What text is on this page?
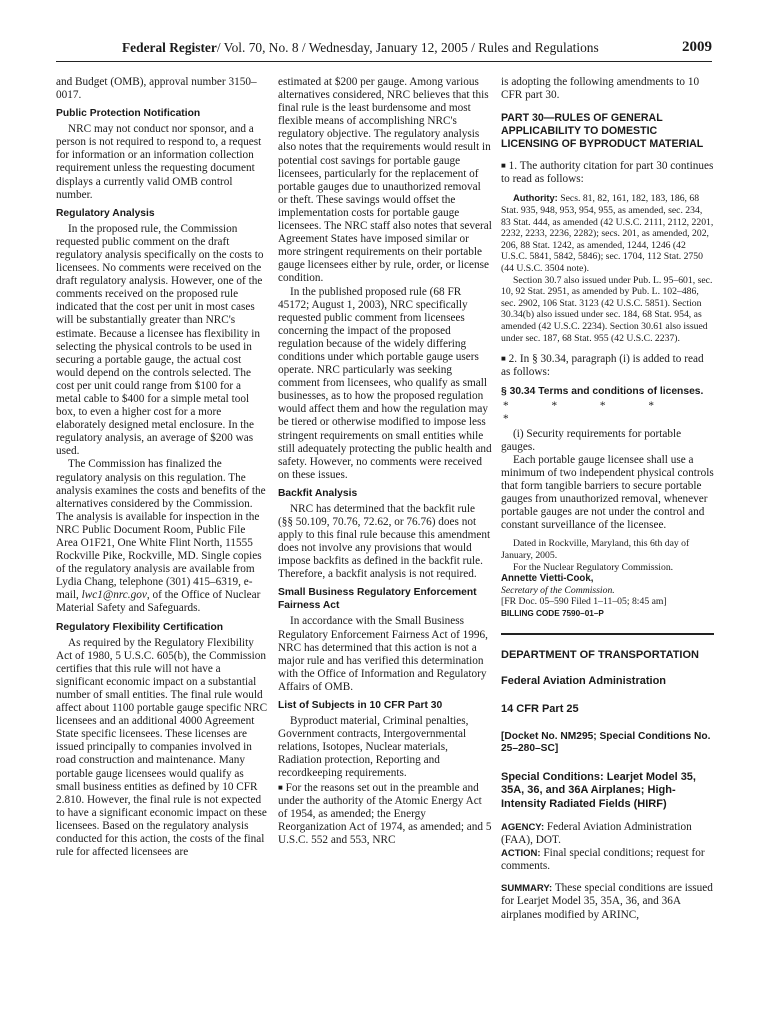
Federal Register/ Vol. 70, No. 8 / Wednesday, January 12, 2005 / Rules and Regulations	2009

and Budget (OMB), approval number 3150–0017.

Public Protection Notification

NRC may not conduct nor sponsor, and a person is not required to respond to, a request for information or an information collection requirement unless the requesting document displays a currently valid OMB control number.

Regulatory Analysis

In the proposed rule, the Commission requested public comment on the draft regulatory analysis specifically on the costs to licensees. No comments were received on the draft regulatory analysis. However, one of the comments received on the proposed rule indicated that the cost per unit in most cases will be substantially greater than NRC's estimate. Because a licensee has flexibility in selecting the physical controls to be used in securing a portable gauge, the actual cost would depend on the controls selected. The cost per unit could range from $100 for a metal cable to $400 for a simple metal tool box, to even a higher cost for a more elaborately designed metal enclosure. In the regulatory analysis, an average of $200 was used.

The Commission has finalized the regulatory analysis on this regulation. The analysis examines the costs and benefits of the alternatives considered by the Commission. The analysis is available for inspection in the NRC Public Document Room, Public File Area O1F21, One White Flint North, 11555 Rockville Pike, Rockville, MD. Single copies of the regulatory analysis are available from Lydia Chang, telephone (301) 415–6319, e-mail, lwc1@nrc.gov, of the Office of Nuclear Material Safety and Safeguards.

Regulatory Flexibility Certification

As required by the Regulatory Flexibility Act of 1980, 5 U.S.C. 605(b), the Commission certifies that this rule will not have a significant economic impact on a substantial number of small entities. The final rule would affect about 1100 portable gauge specific NRC licensees and an additional 4000 Agreement State specific licensees. These licenses are issued principally to companies involved in road construction and maintenance. Many portable gauge licensees would qualify as small business entities as defined by 10 CFR 2.810. However, the final rule is not expected to have a significant economic impact on these licensees. Based on the regulatory analysis conducted for this action, the costs of the final rule for affected licensees are

estimated at $200 per gauge. Among various alternatives considered, NRC believes that this final rule is the least burdensome and most flexible means of accomplishing NRC's regulatory objective. The regulatory analysis also notes that the requirements would result in potential cost savings for portable gauge licensees, particularly for the replacement of portable gauges due to unauthorized removal or theft. These savings would offset the implementation costs for portable gauge licensees. The NRC staff also notes that several Agreement States have imposed similar or more stringent requirements on their portable gauge licensees either by rule, order, or license condition.

In the published proposed rule (68 FR 45172; August 1, 2003), NRC specifically requested public comment from licensees concerning the impact of the proposed regulation because of the widely differing conditions under which portable gauge users operate. NRC particularly was seeking comment from licensees, who qualify as small businesses, as to how the proposed regulation would affect them and how the regulation may be tiered or otherwise modified to impose less stringent requirements on small entities while still adequately protecting the public health and safety. However, no comments were received on these issues.

Backfit Analysis

NRC has determined that the backfit rule (§§ 50.109, 70.76, 72.62, or 76.76) does not apply to this final rule because this amendment does not involve any provisions that would impose backfits as defined in the backfit rule. Therefore, a backfit analysis is not required.

Small Business Regulatory Enforcement Fairness Act

In accordance with the Small Business Regulatory Enforcement Fairness Act of 1996, NRC has determined that this action is not a major rule and has verified this determination with the Office of Information and Regulatory Affairs of OMB.

List of Subjects in 10 CFR Part 30

Byproduct material, Criminal penalties, Government contracts, Intergovernmental relations, Isotopes, Nuclear materials, Radiation protection, Reporting and recordkeeping requirements.

■ For the reasons set out in the preamble and under the authority of the Atomic Energy Act of 1954, as amended; the Energy Reorganization Act of 1974, as amended; and 5 U.S.C. 552 and 553, NRC

is adopting the following amendments to 10 CFR part 30.

PART 30—RULES OF GENERAL APPLICABILITY TO DOMESTIC LICENSING OF BYPRODUCT MATERIAL

■ 1. The authority citation for part 30 continues to read as follows:

Authority: Secs. 81, 82, 161, 182, 183, 186, 68 Stat. 935, 948, 953, 954, 955, as amended, sec. 234, 83 Stat. 444, as amended (42 U.S.C. 2111, 2112, 2201, 2232, 2233, 2236, 2282); secs. 201, as amended, 202, 206, 88 Stat. 1242, as amended, 1244, 1246 (42 U.S.C. 5841, 5842, 5846); sec. 1704, 112 Stat. 2750 (44 U.S.C. 3504 note).

Section 30.7 also issued under Pub. L. 95–601, sec. 10, 92 Stat. 2951, as amended by Pub. L. 102–486, sec. 2902, 106 Stat. 3123 (42 U.S.C. 5851). Section 30.34(b) also issued under sec. 184, 68 Stat. 954, as amended (42 U.S.C. 2234). Section 30.61 also issued under sec. 187, 68 Stat. 955 (42 U.S.C. 2237).

■ 2. In § 30.34, paragraph (i) is added to read as follows:

§ 30.34 Terms and conditions of licenses.
* * * * *

(i) Security requirements for portable gauges.

Each portable gauge licensee shall use a minimum of two independent physical controls that form tangible barriers to secure portable gauges from unauthorized removal, whenever portable gauges are not under the control and constant surveillance of the licensee.

Dated in Rockville, Maryland, this 6th day of January, 2005.

For the Nuclear Regulatory Commission.

Annette Vietti-Cook,

Secretary of the Commission.

[FR Doc. 05–590 Filed 1–11–05; 8:45 am]

BILLING CODE 7590–01–P

DEPARTMENT OF TRANSPORTATION
Federal Aviation Administration
14 CFR Part 25
[Docket No. NM295; Special Conditions No. 25–280–SC]
Special Conditions: Learjet Model 35, 35A, 36, and 36A Airplanes; High-Intensity Radiated Fields (HIRF)

AGENCY: Federal Aviation Administration (FAA), DOT.

ACTION: Final special conditions; request for comments.

SUMMARY: These special conditions are issued for Learjet Model 35, 35A, 36, and 36A airplanes modified by ARINC,
